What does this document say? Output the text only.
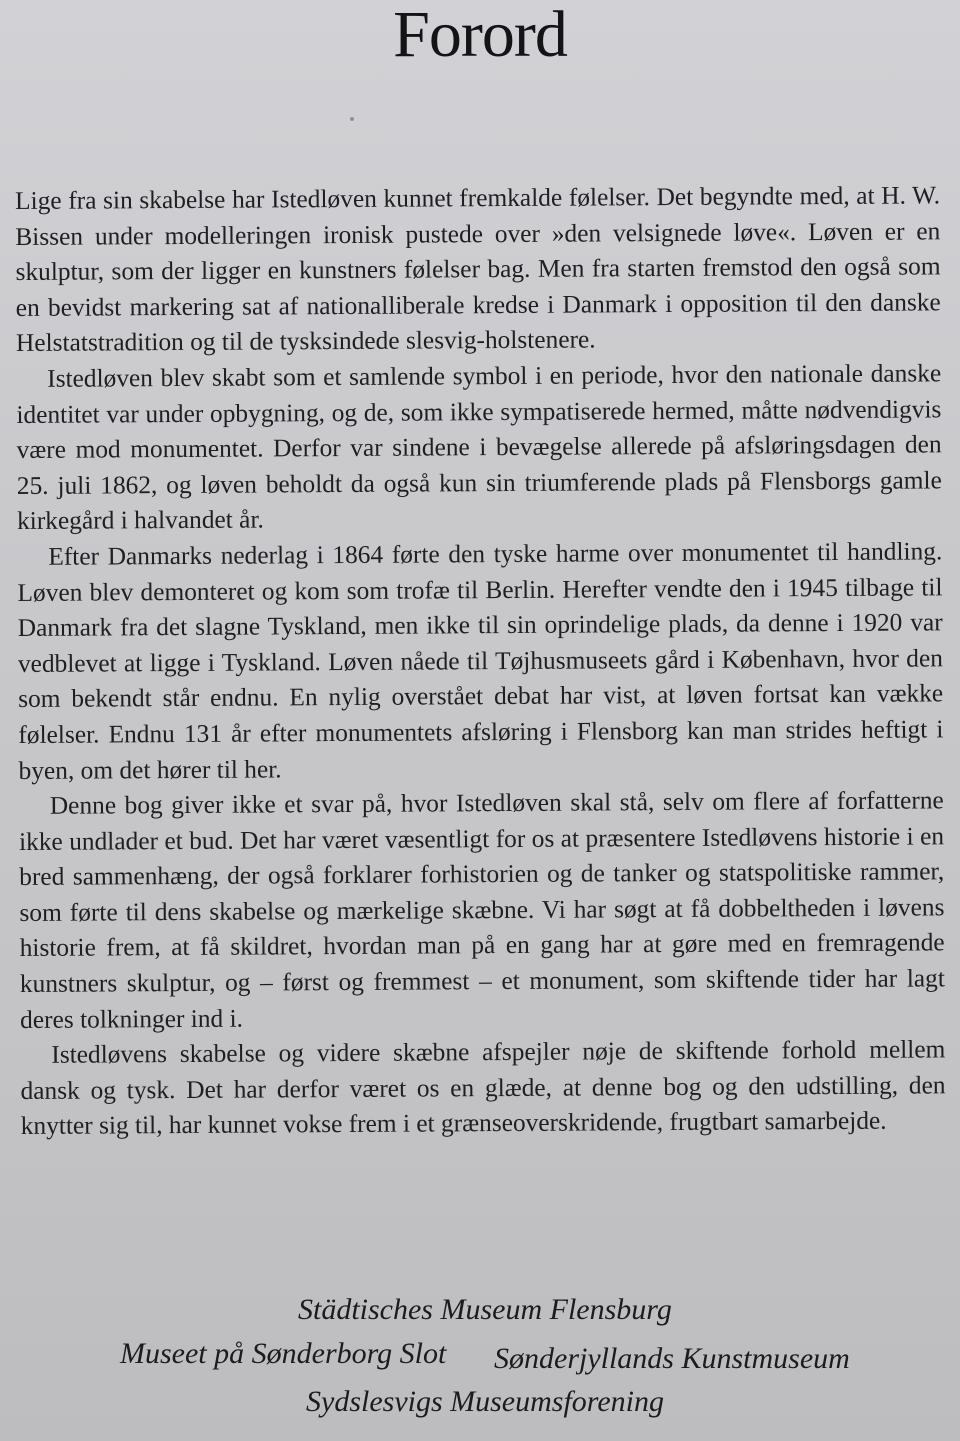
Forord

Lige fra sin skabelse har Istedløven kunnet fremkalde følelser. Det begyndte med, at H. W. Bissen under modelleringen ironisk pustede over »den velsignede løve«. Løven er en skulptur, som der ligger en kunstners følelser bag. Men fra starten fremstod den også som en bevidst markering sat af nationalliberale kredse i Danmark i opposition til den danske Helstatstradition og til de tysksindede slesvig-holstenere.

Istedløven blev skabt som et samlende symbol i en periode, hvor den nationale danske identitet var under opbygning, og de, som ikke sympatiserede hermed, måtte nødvendigvis være mod monumentet. Derfor var sindene i bevægelse allerede på afsløringsdagen den 25. juli 1862, og løven beholdt da også kun sin triumferende plads på Flensborgs gamle kirkegård i halvandet år.

Efter Danmarks nederlag i 1864 førte den tyske harme over monumentet til handling. Løven blev demonteret og kom som trofæ til Berlin. Herefter vendte den i 1945 tilbage til Danmark fra det slagne Tyskland, men ikke til sin oprindelige plads, da denne i 1920 var vedblevet at ligge i Tyskland. Løven nåede til Tøjhusmuseets gård i København, hvor den som bekendt står endnu. En nylig overstået debat har vist, at løven fortsat kan vække følelser. Endnu 131 år efter monumentets afsløring i Flensborg kan man strides heftigt i byen, om det hører til her.

Denne bog giver ikke et svar på, hvor Istedløven skal stå, selv om flere af forfatterne ikke undlader et bud. Det har været væsentligt for os at præsentere Istedløvens historie i en bred sammenhæng, der også forklarer forhistorien og de tanker og statspolitiske rammer, som førte til dens skabelse og mærkelige skæbne. Vi har søgt at få dobbeltheden i løvens historie frem, at få skildret, hvordan man på en gang har at gøre med en fremragende kunstners skulptur, og – først og fremmest – et monument, som skiftende tider har lagt deres tolkninger ind i.

Istedløvens skabelse og videre skæbne afspejler nøje de skiftende forhold mellem dansk og tysk. Det har derfor været os en glæde, at denne bog og den udstilling, den knytter sig til, har kunnet vokse frem i et grænseoverskridende, frugtbart samarbejde.

Städtisches Museum Flensburg
Museet på Sønderborg Slot Sønderjyllands Kunstmuseum
Sydslesvigs Museumsforening
